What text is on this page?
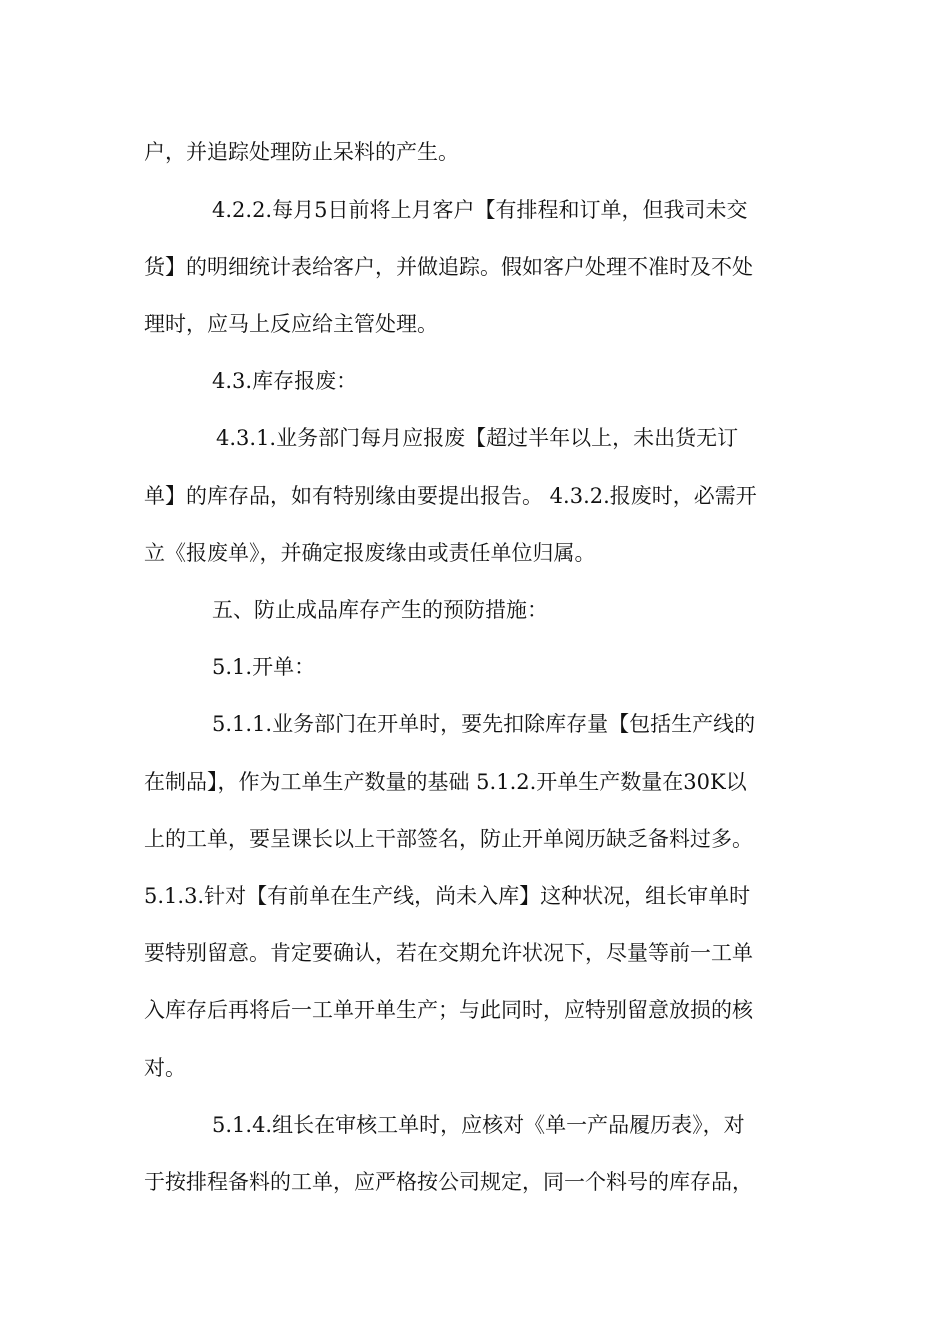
户，并追踪处理防止呆料的产生。
4.2.2.每月5日前将上月客户【有排程和订单，但我司未交
货】的明细统计表给客户，并做追踪。假如客户处理不准时及不处
理时，应马上反应给主管处理。
4.3.库存报废：
4.3.1.业务部门每月应报废【超过半年以上，未出货无订
单】的库存品，如有特别缘由要提出报告。 4.3.2.报废时，必需开
立《报废单》，并确定报废缘由或责任单位归属。
五、防止成品库存产生的预防措施：
5.1.开单：
5.1.1.业务部门在开单时，要先扣除库存量【包括生产线的
在制品】，作为工单生产数量的基础 5.1.2.开单生产数量在30K以
上的工单，要呈课长以上干部签名，防止开单阅历缺乏备料过多。
5.1.3.针对【有前单在生产线，尚未入库】这种状况，组长审单时
要特别留意。肯定要确认，若在交期允许状况下，尽量等前一工单
入库存后再将后一工单开单生产；与此同时，应特别留意放损的核
对。
5.1.4.组长在审核工单时，应核对《单一产品履历表》，对
于按排程备料的工单，应严格按公司规定，同一个料号的库存品，
